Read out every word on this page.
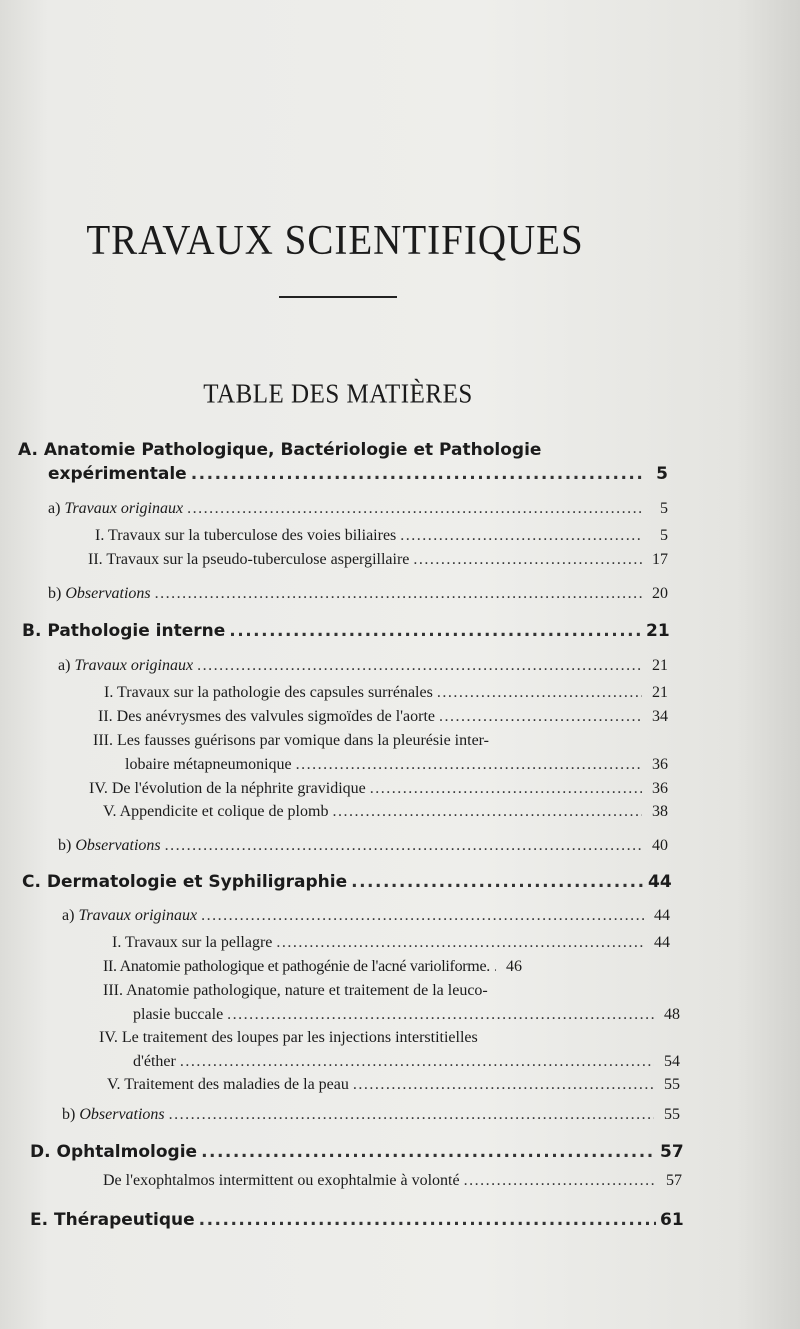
TRAVAUX SCIENTIFIQUES
TABLE DES MATIÈRES
A. Anatomie Pathologique, Bactériologie et Pathologie
expérimentale .....	5
a) Travaux originaux .....	5
I. Travaux sur la tuberculose des voies biliaires .....	5
II. Travaux sur la pseudo-tuberculose aspergillaire .....	17
b) Observations .....	20
B. Pathologie interne .....	21
a) Travaux originaux .....	21
I. Travaux sur la pathologie des capsules surrénales .....	21
II. Des anévrysmes des valvules sigmoïdes de l'aorte .....	34
III. Les fausses guérisons par vomique dans la pleurésie inter-
lobaire métapneumonique .....	36
IV. De l'évolution de la néphrite gravidique .....	36
V. Appendicite et colique de plomb .....	38
b) Observations .....	40
C. Dermatologie et Syphiligraphie .....	44
a) Travaux originaux .....	44
I. Travaux sur la pellagre .....	44
II. Anatomie pathologique et pathogénie de l'acné varioliforme. .....	46
III. Anatomie pathologique, nature et traitement de la leuco-
plasie buccale .....	48
IV. Le traitement des loupes par les injections interstitielles
d'éther .....	54
V. Traitement des maladies de la peau .....	55
b) Observations .....	55
D. Ophtalmologie .....	57
De l'exophtalmos intermittent ou exophtalmie à volonté .....	57
E. Thérapeutique .....	61
